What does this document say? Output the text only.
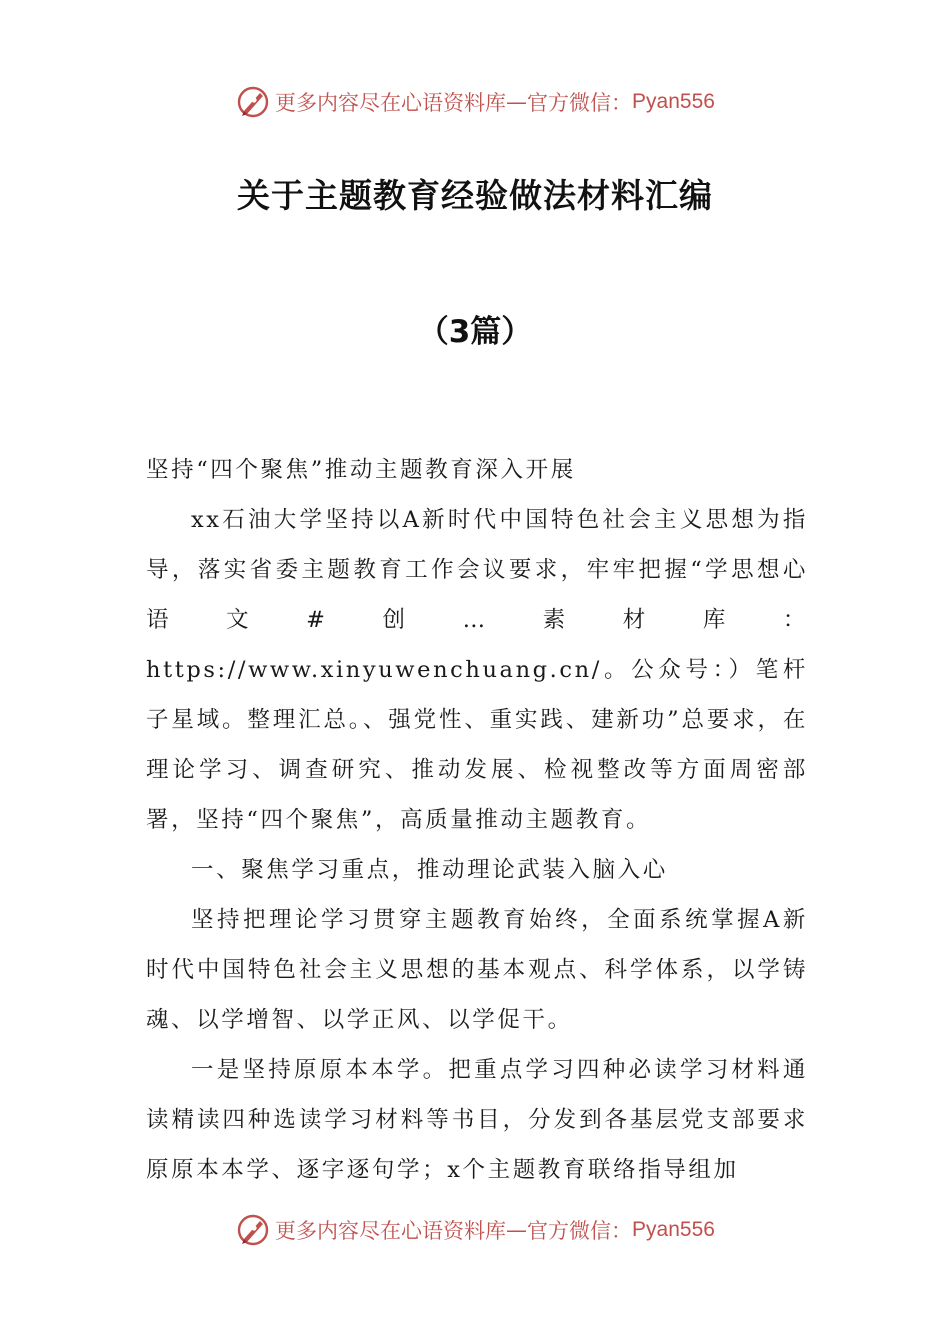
更多内容尽在心语资料库 — 官方微信： Pyan556
关于主题教育经验做法材料汇编
（3篇）

坚持“四个聚焦”推动主题教育深入开展

xx石油大学坚持以A新时代中国特色社会主义思想为指导，落实省委主题教育工作会议要求，牢牢把握“学思想心语文#创…素材库：https://www.xinyuwenchuang.cn/。公众号：）笔杆子星域。整理汇总。、强党性、重实践、建新功”总要求，在理论学习、调查研究、推动发展、检视整改等方面周密部署，坚持“四个聚焦”，高质量推动主题教育。

一、聚焦学习重点，推动理论武装入脑入心

坚持把理论学习贯穿主题教育始终，全面系统掌握A新时代中国特色社会主义思想的基本观点、科学体系，以学铸魂、以学增智、以学正风、以学促干。

一是坚持原原本本学。把重点学习四种必读学习材料通读精读四种选读学习材料等书目，分发到各基层党支部要求原原本本学、逐字逐句学；x个主题教育联络指导组加

更多内容尽在心语资料库 — 官方微信： Pyan556
